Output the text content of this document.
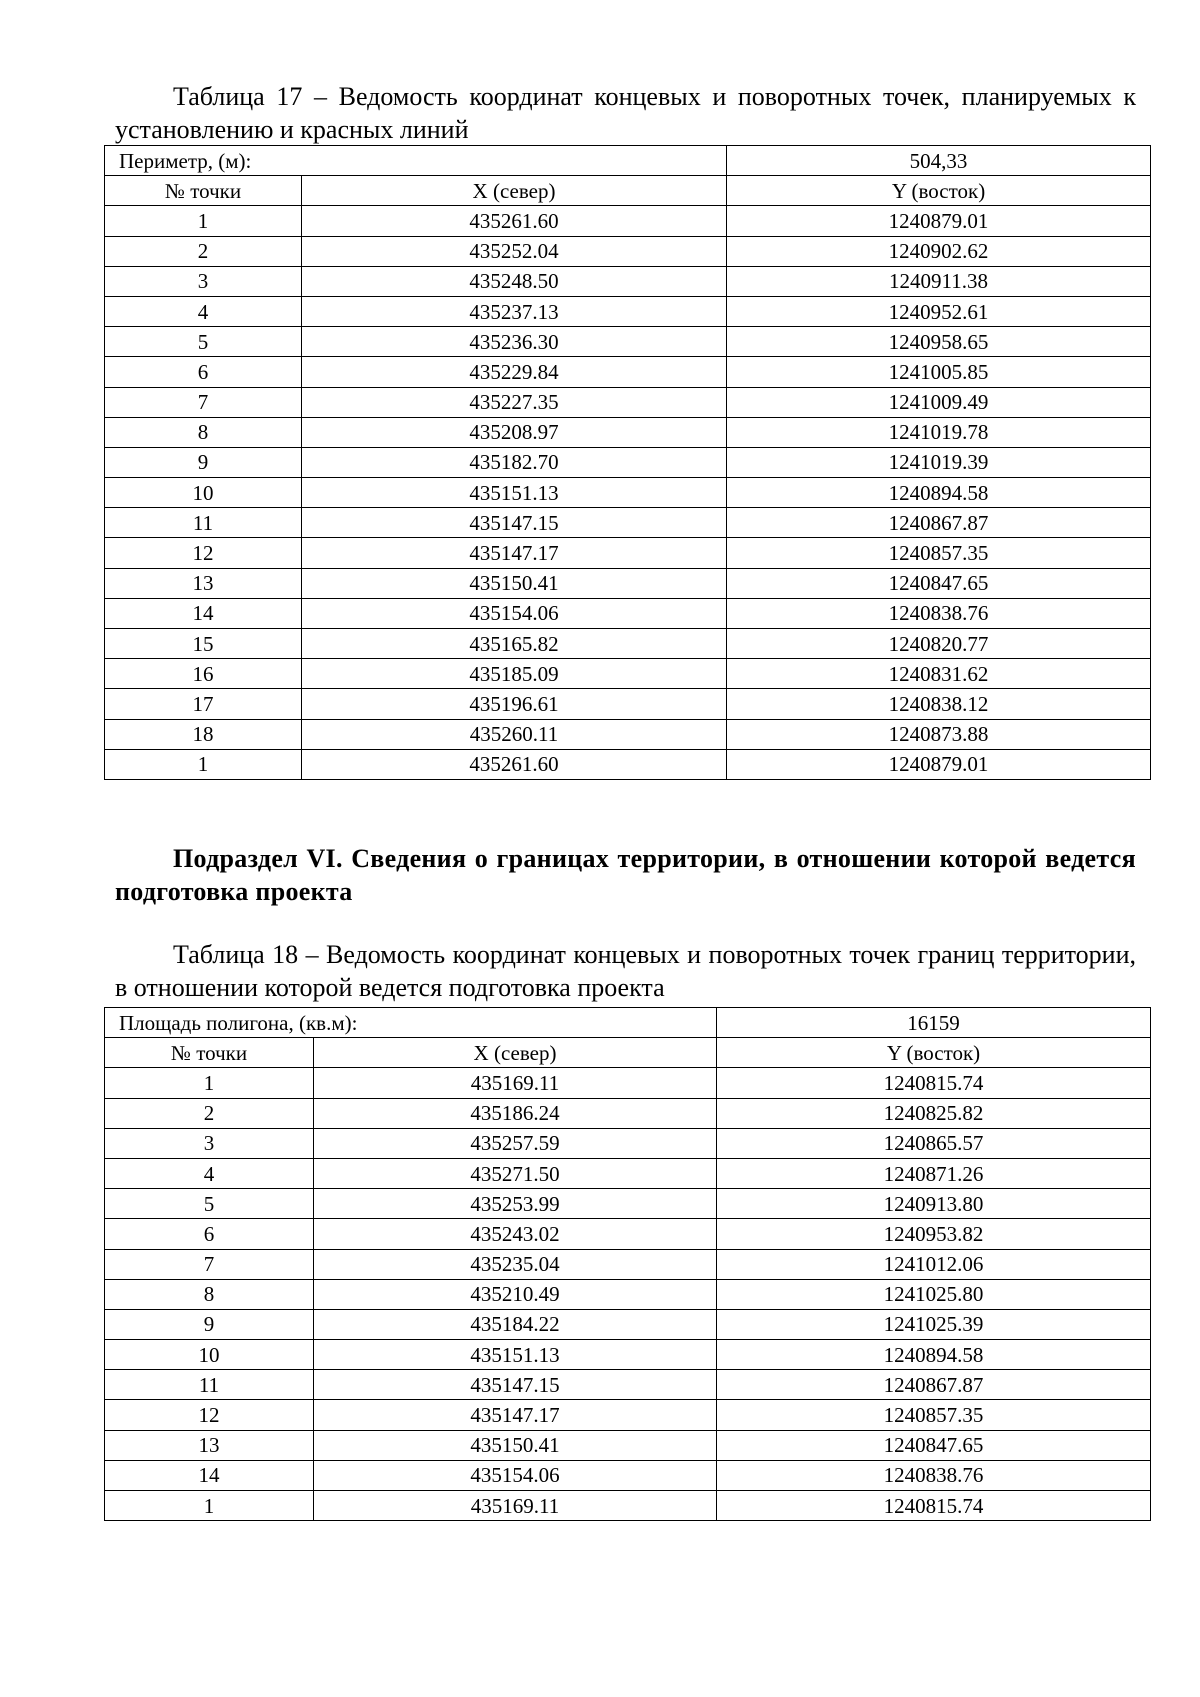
Таблица 17 – Ведомость координат концевых и поворотных точек, планируемых к установлению и красных линий

Периметр, (м):		504,33
№ точки	X (север)	Y (восток)
1	435261.60	1240879.01
2	435252.04	1240902.62
3	435248.50	1240911.38
4	435237.13	1240952.61
5	435236.30	1240958.65
6	435229.84	1241005.85
7	435227.35	1241009.49
8	435208.97	1241019.78
9	435182.70	1241019.39
10	435151.13	1240894.58
11	435147.15	1240867.87
12	435147.17	1240857.35
13	435150.41	1240847.65
14	435154.06	1240838.76
15	435165.82	1240820.77
16	435185.09	1240831.62
17	435196.61	1240838.12
18	435260.11	1240873.88
1	435261.60	1240879.01

Подраздел VI. Сведения о границах территории, в отношении которой ведется подготовка проекта

Таблица 18 – Ведомость координат концевых и поворотных точек границ территории, в отношении которой ведется подготовка проекта

Площадь полигона, (кв.м):		16159
№ точки	X (север)	Y (восток)
1	435169.11	1240815.74
2	435186.24	1240825.82
3	435257.59	1240865.57
4	435271.50	1240871.26
5	435253.99	1240913.80
6	435243.02	1240953.82
7	435235.04	1241012.06
8	435210.49	1241025.80
9	435184.22	1241025.39
10	435151.13	1240894.58
11	435147.15	1240867.87
12	435147.17	1240857.35
13	435150.41	1240847.65
14	435154.06	1240838.76
1	435169.11	1240815.74
